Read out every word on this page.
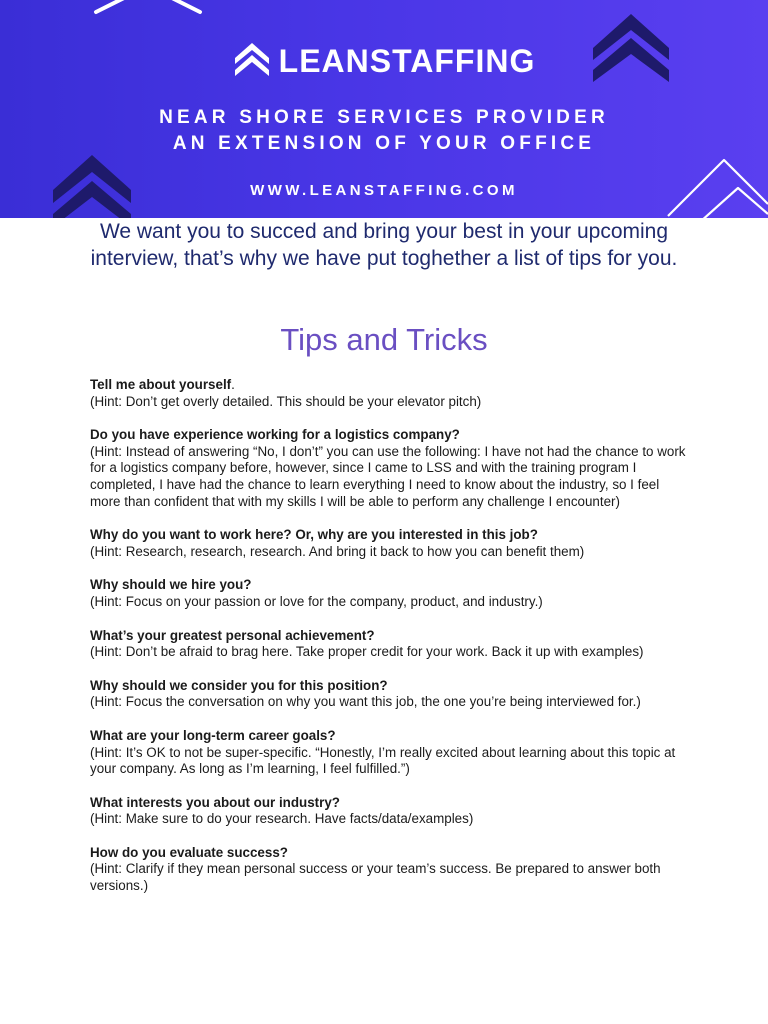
LEANSTAFFING
NEAR SHORE SERVICES PROVIDER
AN EXTENSION OF YOUR OFFICE
WWW.LEANSTAFFING.COM
We want you to succed and bring your best in your upcoming interview, that’s why we have put toghether a list of tips for you.
Tips and Tricks
Tell me about yourself.
(Hint: Don’t get overly detailed. This should be your elevator pitch)
Do you have experience working for a logistics company?
(Hint: Instead of answering “No, I don’t” you can use the following: I have not had the chance to work for a logistics company before, however, since I came to LSS and with the training program I completed, I have had the chance to learn everything I need to know about the industry, so I feel more than confident that with my skills I will be able to perform any challenge I encounter)
Why do you want to work here? Or, why are you interested in this job?
(Hint: Research, research, research. And bring it back to how you can benefit them)
Why should we hire you?
(Hint: Focus on your passion or love for the company, product, and industry.)
What’s your greatest personal achievement?
(Hint: Don’t be afraid to brag here. Take proper credit for your work. Back it up with examples)
Why should we consider you for this position?
(Hint: Focus the conversation on why you want this job, the one you’re being interviewed for.)
What are your long-term career goals?
(Hint: It’s OK to not be super-specific. “Honestly, I’m really excited about learning about this topic at your company. As long as I’m learning, I feel fulfilled.”)
What interests you about our industry?
(Hint: Make sure to do your research. Have facts/data/examples)
How do you evaluate success?
(Hint: Clarify if they mean personal success or your team’s success. Be prepared to answer both versions.)
